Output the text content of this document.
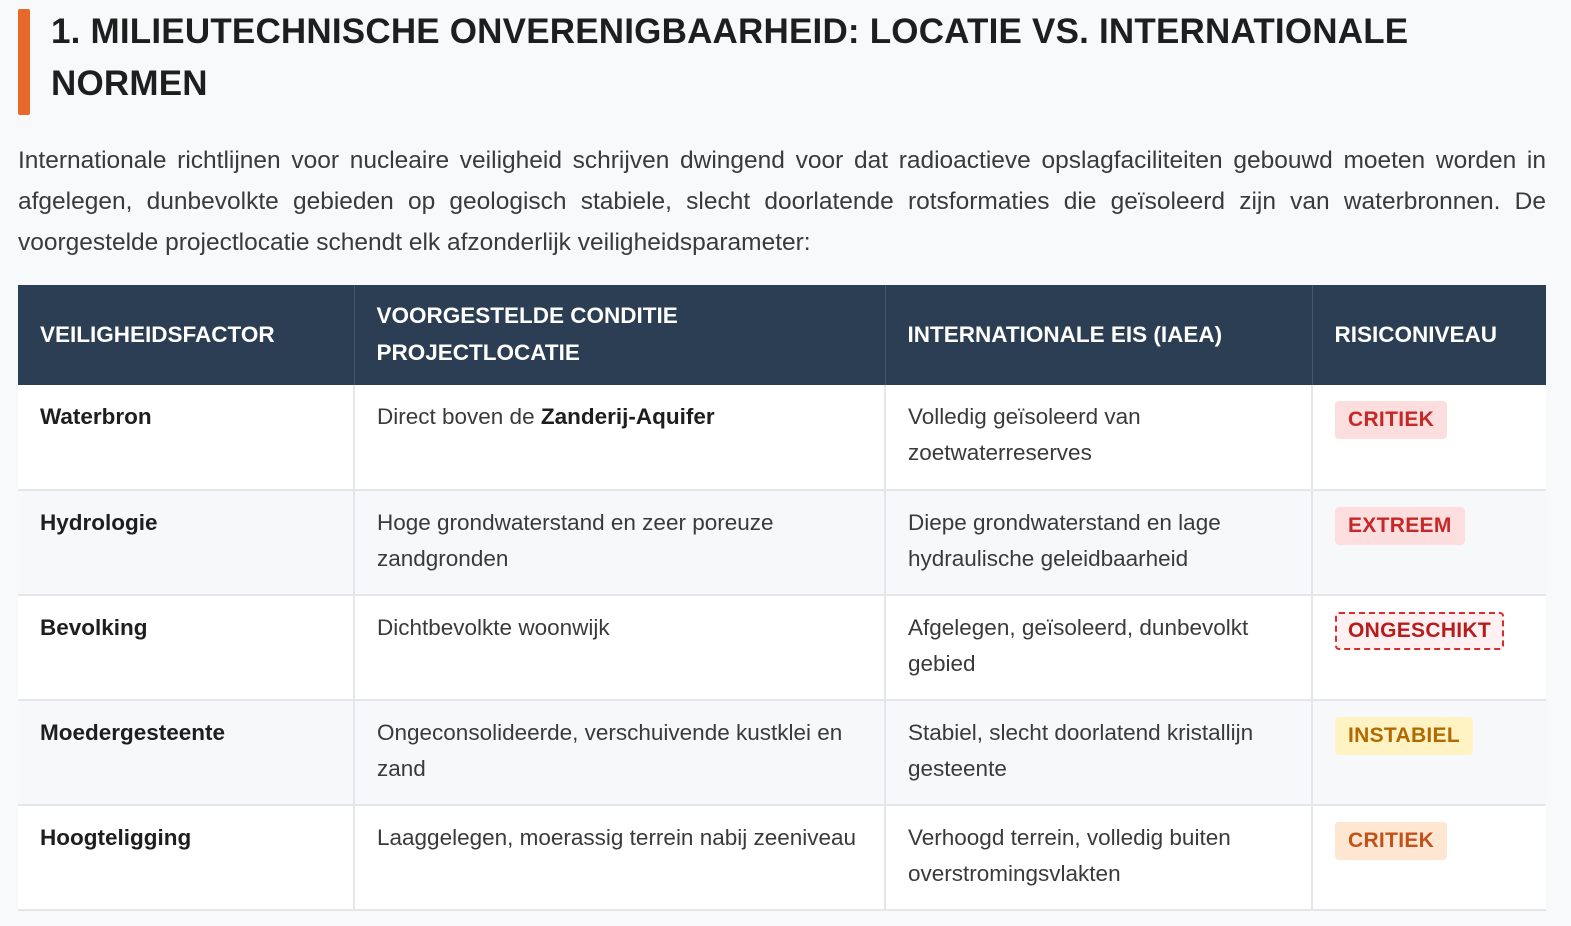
1. MILIEUTECHNISCHE ONVERENIGBAARHEID: LOCATIE VS. INTERNATIONALE NORMEN

Internationale richtlijnen voor nucleaire veiligheid schrijven dwingend voor dat radioactieve opslagfaciliteiten gebouwd moeten worden in afgelegen, dunbevolkte gebieden op geologisch stabiele, slecht doorlatende rotsformaties die geïsoleerd zijn van waterbronnen. De voorgestelde projectlocatie schendt elk afzonderlijk veiligheidsparameter:

VEILIGHEIDSFACTOR	VOORGESTELDE CONDITIE PROJECTLOCATIE	INTERNATIONALE EIS (IAEA)	RISICONIVEAU
Waterbron	Direct boven de Zanderij-Aquifer	Volledig geïsoleerd van zoetwaterreserves	CRITIEK
Hydrologie	Hoge grondwaterstand en zeer poreuze zandgronden	Diepe grondwaterstand en lage hydraulische geleidbaarheid	EXTREEM
Bevolking	Dichtbevolkte woonwijk	Afgelegen, geïsoleerd, dunbevolkt gebied	ONGESCHIKT
Moedergesteente	Ongeconsolideerde, verschuivende kustklei en zand	Stabiel, slecht doorlatend kristallijn gesteente	INSTABIEL
Hoogteligging	Laaggelegen, moerassig terrein nabij zeeniveau	Verhoogd terrein, volledig buiten overstromingsvlakten	CRITIEK
